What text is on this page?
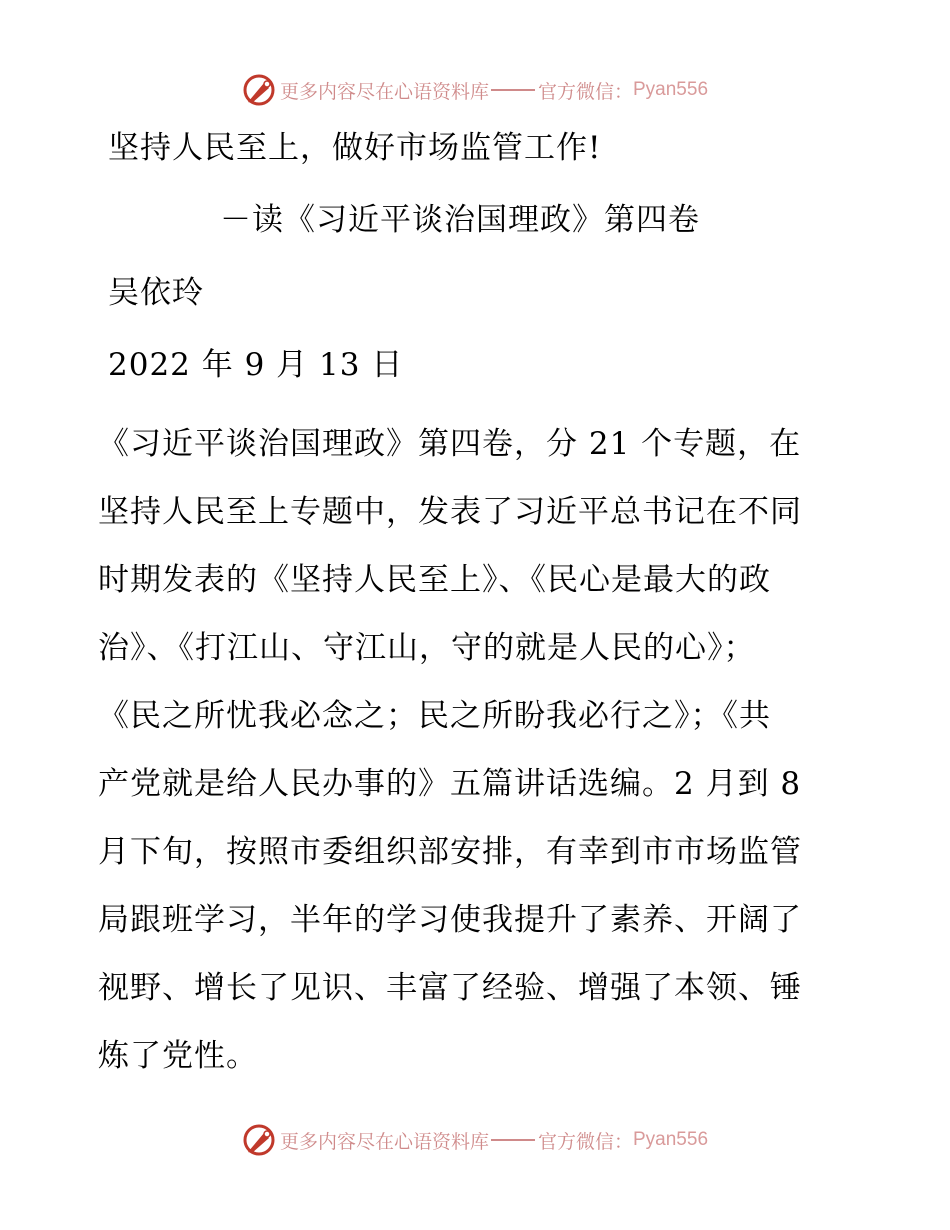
更多内容尽在心语资料库	官方微信： Pyan556
坚持人民至上，做好市场监管工作!
－读《习近平谈治国理政》第四卷
吴依玲
2022 年 9 月 13 日
《习近平谈治国理政》第四卷，分 21 个专题，在
坚持人民至上专题中，发表了习近平总书记在不同
时期发表的《坚持人民至上》、《民心是最大的政
治》、《打江山、守江山，守的就是人民的心》；
《民之所忧我必念之；民之所盼我必行之》；《共
产党就是给人民办事的》五篇讲话选编。2 月到 8
月下旬，按照市委组织部安排，有幸到市市场监管
局跟班学习，半年的学习使我提升了素养、开阔了
视野、增长了见识、丰富了经验、增强了本领、锤
炼了党性。
更多内容尽在心语资料库	官方微信： Pyan556
